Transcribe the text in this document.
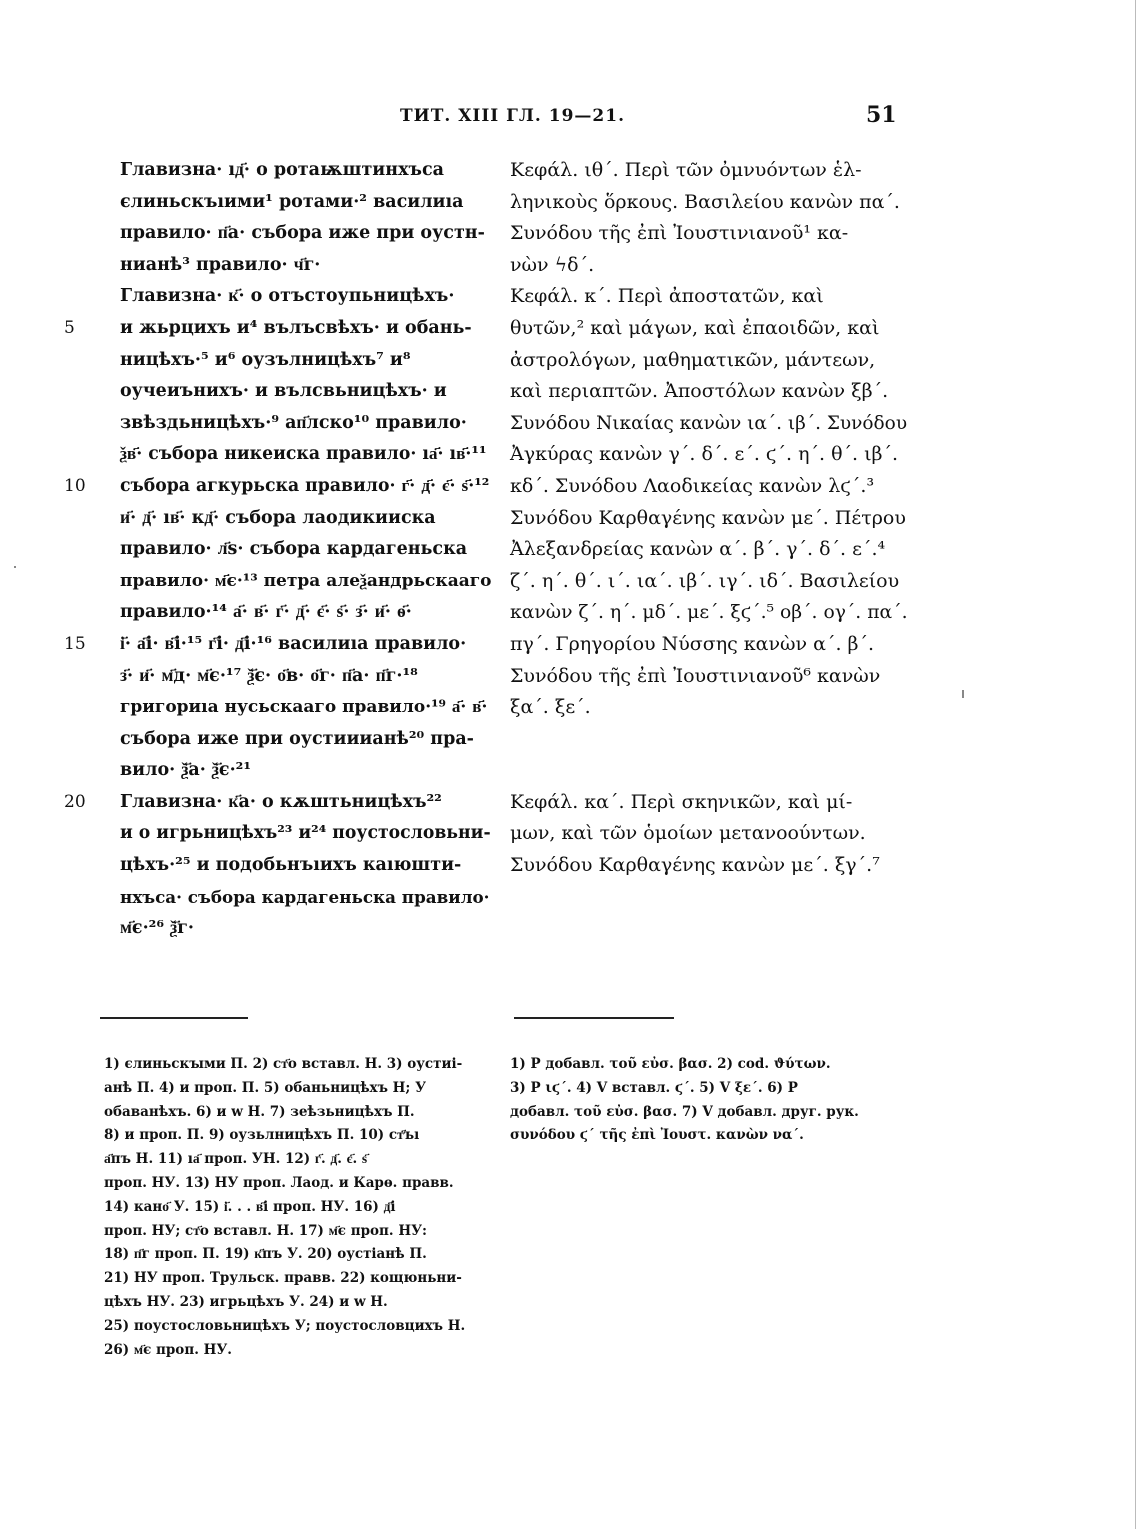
ТИТ. XIII ГЛ. 19—21.	51
Главизна· ıд҃· о ротаѭштинхъса
єлиньскъıими¹ ротами·² василиıа
правило· п҃а· събора иже при оустн-
нианѣ³ правило· ч҃г·
Главизна· к҃· о отъстоупьницѣхъ·
5	и жьрцихъ и⁴ вълъсвѣхъ· и обань-
ницѣхъ·⁵ и⁶ оузълницѣхъ⁷ и⁸
оучеиънихъ· и вълсвьницѣхъ· и
звѣздьницѣхъ·⁹ ап҃лско¹⁰ правило·
ѯв҃· събора никеиска правило· ıа҃· ıв҃·¹¹
10	събора агкурьска правило· г҃· д҃· є҃· ѕ҃·¹²
и҃· д҃· ıв҃· кд҃· събора лаодикииска
правило· л҃ѕ· събора кардагеньска
правило· м҃є·¹³ петра алеѯандрьскааго
правило·¹⁴ а҃· в҃· г҃· д҃· є҃· ѕ҃· з҃· и҃· ѳ҃·
15	і҃· а҃і· в҃і·¹⁵ г҃і· д҃і·¹⁶ василиıа правило·
з҃· и҃· м҃д· м҃є·¹⁷ ѯ҃є· о҃в· о҃г· п҃а· п҃г·¹⁸
григориıа нусьскааго правило·¹⁹ а҃· в҃·
събора иже при оустииианѣ²⁰ пра-
вило· ѯ҃а· ѯ҃є·²¹
20	Главизна· к҃а· о кѫштьницѣхъ²²
и о игрьницѣхъ²³ и²⁴ поустословьни-
цѣхъ·²⁵ и подобьнъıихъ каıюшти-
нхъса· събора кардагеньска правило·
м҃є·²⁶ ѯ҃г·
Κεφάλ. ιθ΄. Περὶ τῶν ὀμνυόντων ἑλ-
ληνικοὺς ὅρκους. Βασιλείου κανὼν πα΄.
Συνόδου τῆς ἐπὶ Ἰουστινιανοῦ¹ κα-
νὼν ϟδ΄.
Κεφάλ. κ΄. Περὶ ἀποστατῶν, καὶ
θυτῶν,² καὶ μάγων, καὶ ἐπαοιδῶν, καὶ
ἀστρολόγων, μαθηματικῶν, μάντεων,
καὶ περιαπτῶν. Ἀποστόλων κανὼν ξβ΄.
Συνόδου Νικαίας κανὼν ια΄. ιβ΄. Συνόδου
Ἀγκύρας κανὼν γ΄. δ΄. ε΄. ϛ΄. η΄. θ΄. ιβ΄.
κδ΄. Συνόδου Λαοδικείας κανὼν λϛ΄.³
Συνόδου Καρθαγένης κανὼν με΄. Πέτρου
Ἀλεξανδρείας κανὼν α΄. β΄. γ΄. δ΄. ε΄.⁴
ζ΄. η΄. θ΄. ι΄. ια΄. ιβ΄. ιγ΄. ιδ΄. Βασιλείου
κανὼν ζ΄. η΄. μδ΄. με΄. ξϛ΄.⁵ οβ΄. ογ΄. πα΄.
πγ΄. Γρηγορίου Νύσσης κανὼν α΄. β΄.
Συνόδου τῆς ἐπὶ Ἰουστινιανοῦ⁶ κανὼν
ξα΄. ξε΄.
Κεφάλ. κα΄. Περὶ σκηνικῶν, καὶ μί-
μων, καὶ τῶν ὁμοίων μετανοούντων.
Συνόδου Καρθαγένης κανὼν με΄. ξγ΄.⁷
1) єлиньскꙑми П. 2) ст҃о вставл. Н. 3) оустиі-
анѣ П. 4) и проп. П. 5) обаньницѣхъ Н; У
обаванѣхъ. 6) и w Н. 7) зеѣзьницѣхъ П.
8) и проп. П. 9) оузьлницѣхъ П. 10) ст҃ъı
а҃пъ Н. 11) ıа҃ проп. УН. 12) г҃. д҃. є҃. ѕ҃
проп. НУ. 13) НУ проп. Лаод. и Карѳ. правв.
14) кано҃ У. 15) і҃. . . в҃і проп. НУ. 16) д҃і
проп. НУ; ст҃о вставл. Н. 17) м҃є проп. НУ:
18) п҃г проп. П. 19) к҃пъ У. 20) оустіанѣ П.
21) НУ проп. Трульск. правв. 22) кощюньни-
цѣхъ НУ. 23) игрьцѣхъ У. 24) и w Н.
25) поустословьницѣхъ У; поустословцихъ Н.
26) м҃є проп. НУ.
1) P добавл. τοῦ εὐσ. βασ. 2) cod. ϑύτων.
3) P ιϛ΄. 4) V вставл. ϛ΄. 5) V ξε΄. 6) P
добавл. τοῦ εὐσ. βασ. 7) V добавл. друг. рук.
συνόδου ϛ΄ τῆς ἐπὶ Ἰουστ. κανὼν να΄.
